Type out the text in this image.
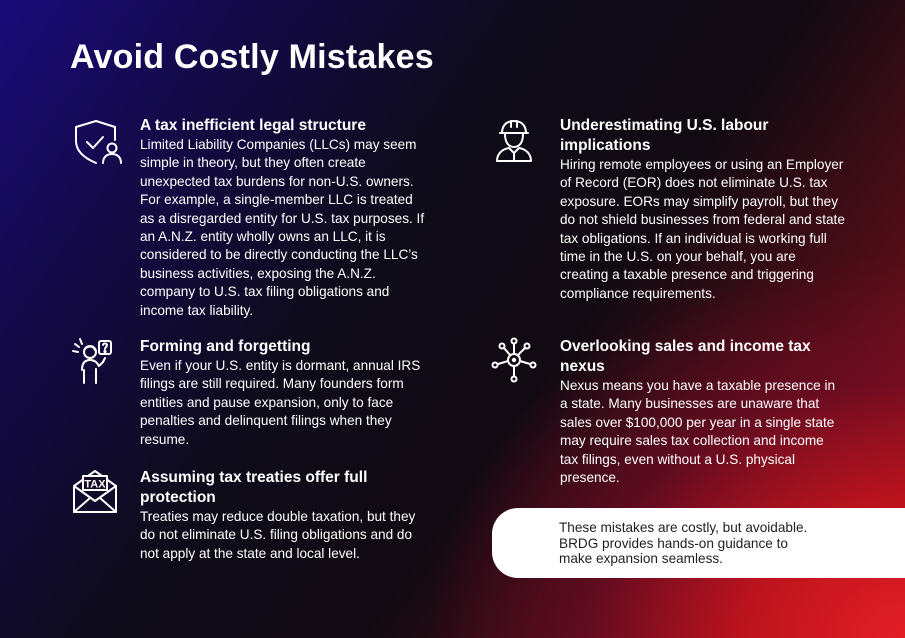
Avoid Costly Mistakes
A tax inefficient legal structure

Limited Liability Companies (LLCs) may seem simple in theory, but they often create unexpected tax burdens for non-U.S. owners. For example, a single-member LLC is treated as a disregarded entity for U.S. tax purposes. If an A.N.Z. entity wholly owns an LLC, it is considered to be directly conducting the LLC’s business activities, exposing the A.N.Z. company to U.S. tax filing obligations and income tax liability.

Forming and forgetting

Even if your U.S. entity is dormant, annual IRS filings are still required. Many founders form entities and pause expansion, only to face penalties and delinquent filings when they resume.

TAX Assuming tax treaties offer full protection

Treaties may reduce double taxation, but they do not eliminate U.S. filing obligations and do not apply at the state and local level.

Underestimating U.S. labour implications

Hiring remote employees or using an Employer of Record (EOR) does not eliminate U.S. tax exposure. EORs may simplify payroll, but they do not shield businesses from federal and state tax obligations. If an individual is working full time in the U.S. on your behalf, you are creating a taxable presence and triggering compliance requirements.

Overlooking sales and income tax nexus

Nexus means you have a taxable presence in a state. Many businesses are unaware that sales over $100,000 per year in a single state may require sales tax collection and income tax filings, even without a U.S. physical presence.

These mistakes are costly, but avoidable. BRDG provides hands-on guidance to make expansion seamless.
